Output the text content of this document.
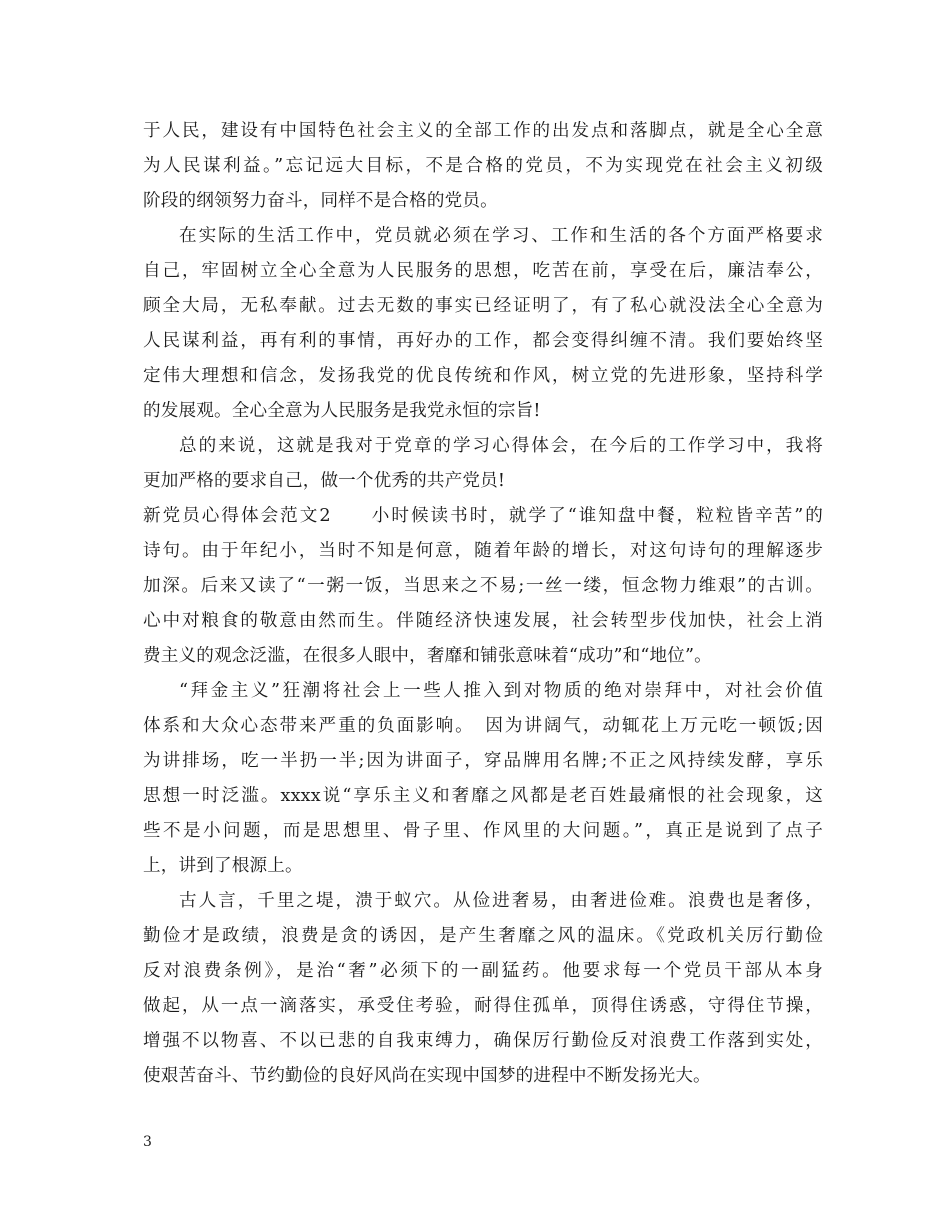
于人民，建设有中国特色社会主义的全部工作的出发点和落脚点，就是全心全意
为人民谋利益。”忘记远大目标，不是合格的党员，不为实现党在社会主义初级
阶段的纲领努力奋斗，同样不是合格的党员。
在实际的生活工作中，党员就必须在学习、工作和生活的各个方面严格要求
自己，牢固树立全心全意为人民服务的思想，吃苦在前，享受在后，廉洁奉公，
顾全大局，无私奉献。过去无数的事实已经证明了，有了私心就没法全心全意为
人民谋利益，再有利的事情，再好办的工作，都会变得纠缠不清。我们要始终坚
定伟大理想和信念，发扬我党的优良传统和作风，树立党的先进形象，坚持科学
的发展观。全心全意为人民服务是我党永恒的宗旨!
总的来说，这就是我对于党章的学习心得体会，在今后的工作学习中，我将
更加严格的要求自己，做一个优秀的共产党员!
新党员心得体会范文2　　小时候读书时，就学了“谁知盘中餐，粒粒皆辛苦”的
诗句。由于年纪小，当时不知是何意，随着年龄的增长，对这句诗句的理解逐步
加深。后来又读了“一粥一饭，当思来之不易;一丝一缕，恒念物力维艰”的古训。
心中对粮食的敬意由然而生。伴随经济快速发展，社会转型步伐加快，社会上消
费主义的观念泛滥，在很多人眼中，奢靡和铺张意味着“成功”和“地位”。
“拜金主义”狂潮将社会上一些人推入到对物质的绝对崇拜中，对社会价值
体系和大众心态带来严重的负面影响。　因为讲阔气，动辄花上万元吃一顿饭;因
为讲排场，吃一半扔一半;因为讲面子，穿品牌用名牌;不正之风持续发酵，享乐
思想一时泛滥。xxxx说“享乐主义和奢靡之风都是老百姓最痛恨的社会现象，这
些不是小问题，而是思想里、骨子里、作风里的大问题。”，真正是说到了点子
上，讲到了根源上。
古人言，千里之堤，溃于蚁穴。从俭进奢易，由奢进俭难。浪费也是奢侈，
勤俭才是政绩，浪费是贪的诱因，是产生奢靡之风的温床。《党政机关厉行勤俭
反对浪费条例》，是治“奢”必须下的一副猛药。他要求每一个党员干部从本身
做起，从一点一滴落实，承受住考验，耐得住孤单，顶得住诱惑，守得住节操，
增强不以物喜、不以已悲的自我束缚力，确保厉行勤俭反对浪费工作落到实处，
使艰苦奋斗、节约勤俭的良好风尚在实现中国梦的进程中不断发扬光大。
3
